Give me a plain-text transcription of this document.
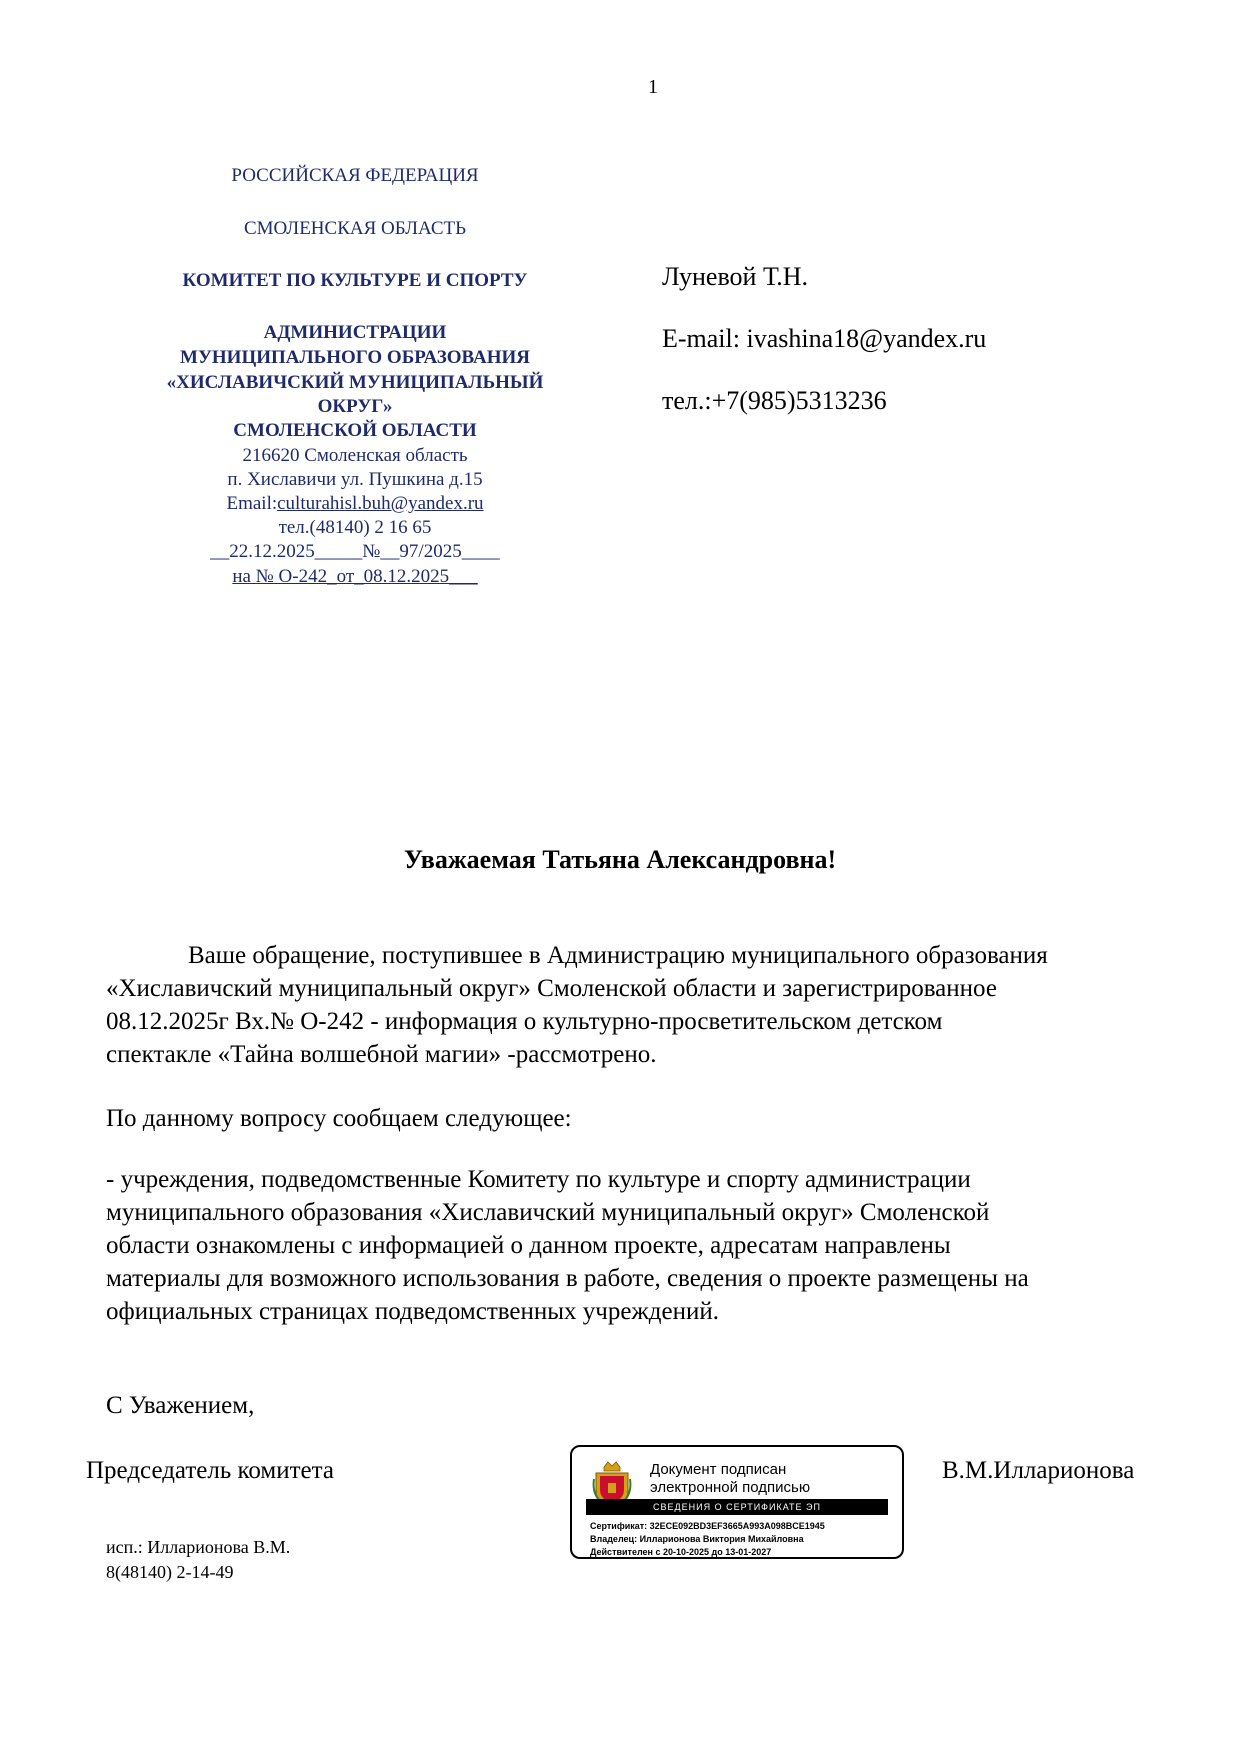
1
РОССИЙСКАЯ ФЕДЕРАЦИЯ
СМОЛЕНСКАЯ ОБЛАСТЬ
КОМИТЕТ ПО КУЛЬТУРЕ И СПОРТУ
АДМИНИСТРАЦИИ
МУНИЦИПАЛЬНОГО ОБРАЗОВАНИЯ
«ХИСЛАВИЧСКИЙ МУНИЦИПАЛЬНЫЙ
ОКРУГ»
СМОЛЕНСКОЙ ОБЛАСТИ
216620 Смоленская область
п. Хиславичи ул. Пушкина д.15
Email:culturahisl.buh@yandex.ru
тел.(48140) 2 16 65
__22.12.2025_____№__97/2025____
на № О-242_от_08.12.2025___
Луневой Т.Н.
E-mail: ivashina18@yandex.ru
тел.:+7(985)5313236
Уважаемая Татьяна Александровна!
Ваше обращение, поступившее в Администрацию муниципального образования
«Хиславичский муниципальный округ» Смоленской области и зарегистрированное
08.12.2025г Вх.№ О-242 - информация о культурно-просветительском детском
спектакле «Тайна волшебной магии» -рассмотрено.
По данному вопросу сообщаем следующее:
- учреждения, подведомственные Комитету по культуре и спорту администрации
муниципального образования «Хиславичский муниципальный округ» Смоленской
области ознакомлены с информацией о данном проекте, адресатам направлены
материалы для возможного использования в работе, сведения о проекте размещены на
официальных страницах подведомственных учреждений.
С Уважением,
Председатель комитета	В.М.Илларионова
исп.: Илларионова В.М.
8(48140) 2-14-49
Документ подписан
электронной подписью
СВЕДЕНИЯ О СЕРТИФИКАТЕ ЭП
Сертификат: 32ECE092BD3EF3665A993A098BCE1945
Владелец: Илларионова Виктория Михайловна
Действителен с 20-10-2025 до 13-01-2027
